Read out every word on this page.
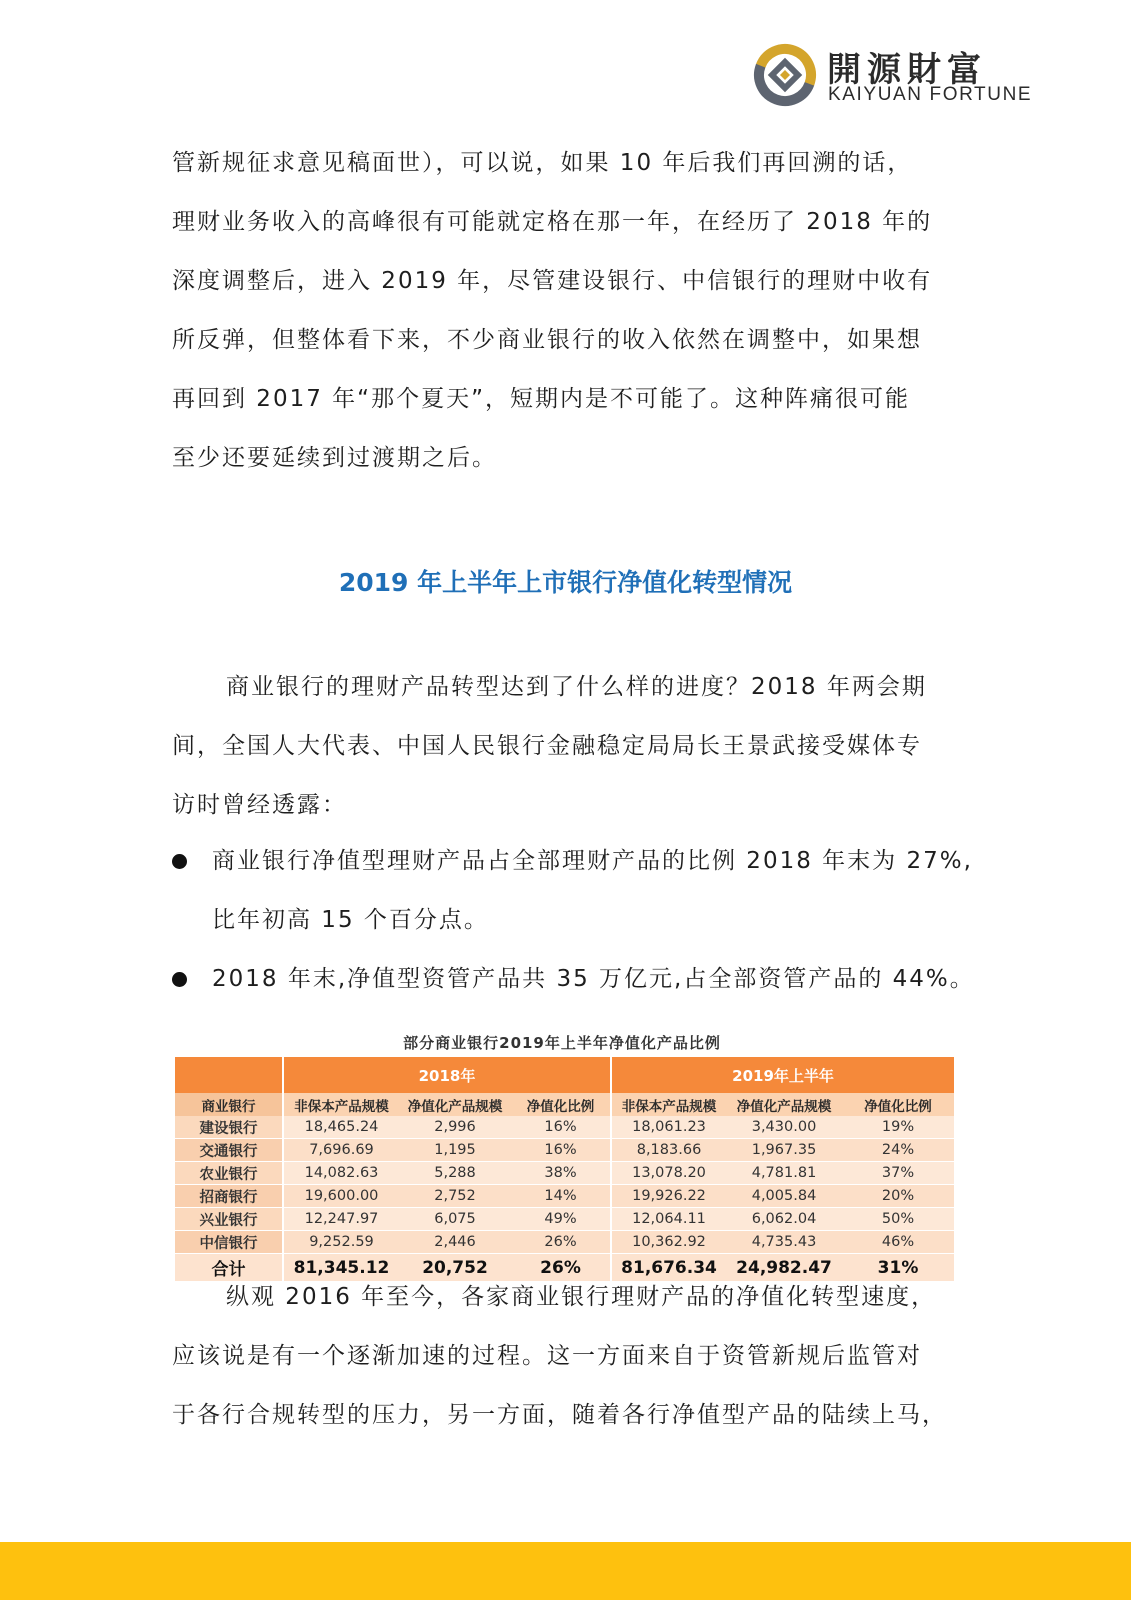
開源財富
KAIYUAN FORTUNE
管新规征求意见稿面世），可以说，如果 10 年后我们再回溯的话，
理财业务收入的高峰很有可能就定格在那一年，在经历了 2018 年的
深度调整后，进入 2019 年，尽管建设银行、中信银行的理财中收有
所反弹，但整体看下来，不少商业银行的收入依然在调整中，如果想
再回到 2017 年“那个夏天”，短期内是不可能了。这种阵痛很可能
至少还要延续到过渡期之后。
2019 年上半年上市银行净值化转型情况
商业银行的理财产品转型达到了什么样的进度？2018 年两会期
间，全国人大代表、中国人民银行金融稳定局局长王景武接受媒体专
访时曾经透露：
商业银行净值型理财产品占全部理财产品的比例 2018 年末为 27%,
比年初高 15 个百分点。
2018 年末,净值型资管产品共 35 万亿元,占全部资管产品的 44%。
部分商业银行2019年上半年净值化产品比例
	2018年			2019年上半年		
商业银行	非保本产品规模	净值化产品规模	净值化比例	非保本产品规模	净值化产品规模	净值化比例
建设银行	18,465.24	2,996	16%	18,061.23	3,430.00	19%
交通银行	7,696.69	1,195	16%	8,183.66	1,967.35	24%
农业银行	14,082.63	5,288	38%	13,078.20	4,781.81	37%
招商银行	19,600.00	2,752	14%	19,926.22	4,005.84	20%
兴业银行	12,247.97	6,075	49%	12,064.11	6,062.04	50%
中信银行	9,252.59	2,446	26%	10,362.92	4,735.43	46%
合计	81,345.12	20,752	26%	81,676.34	24,982.47	31%
纵观 2016 年至今，各家商业银行理财产品的净值化转型速度，
应该说是有一个逐渐加速的过程。这一方面来自于资管新规后监管对
于各行合规转型的压力，另一方面，随着各行净值型产品的陆续上马，
